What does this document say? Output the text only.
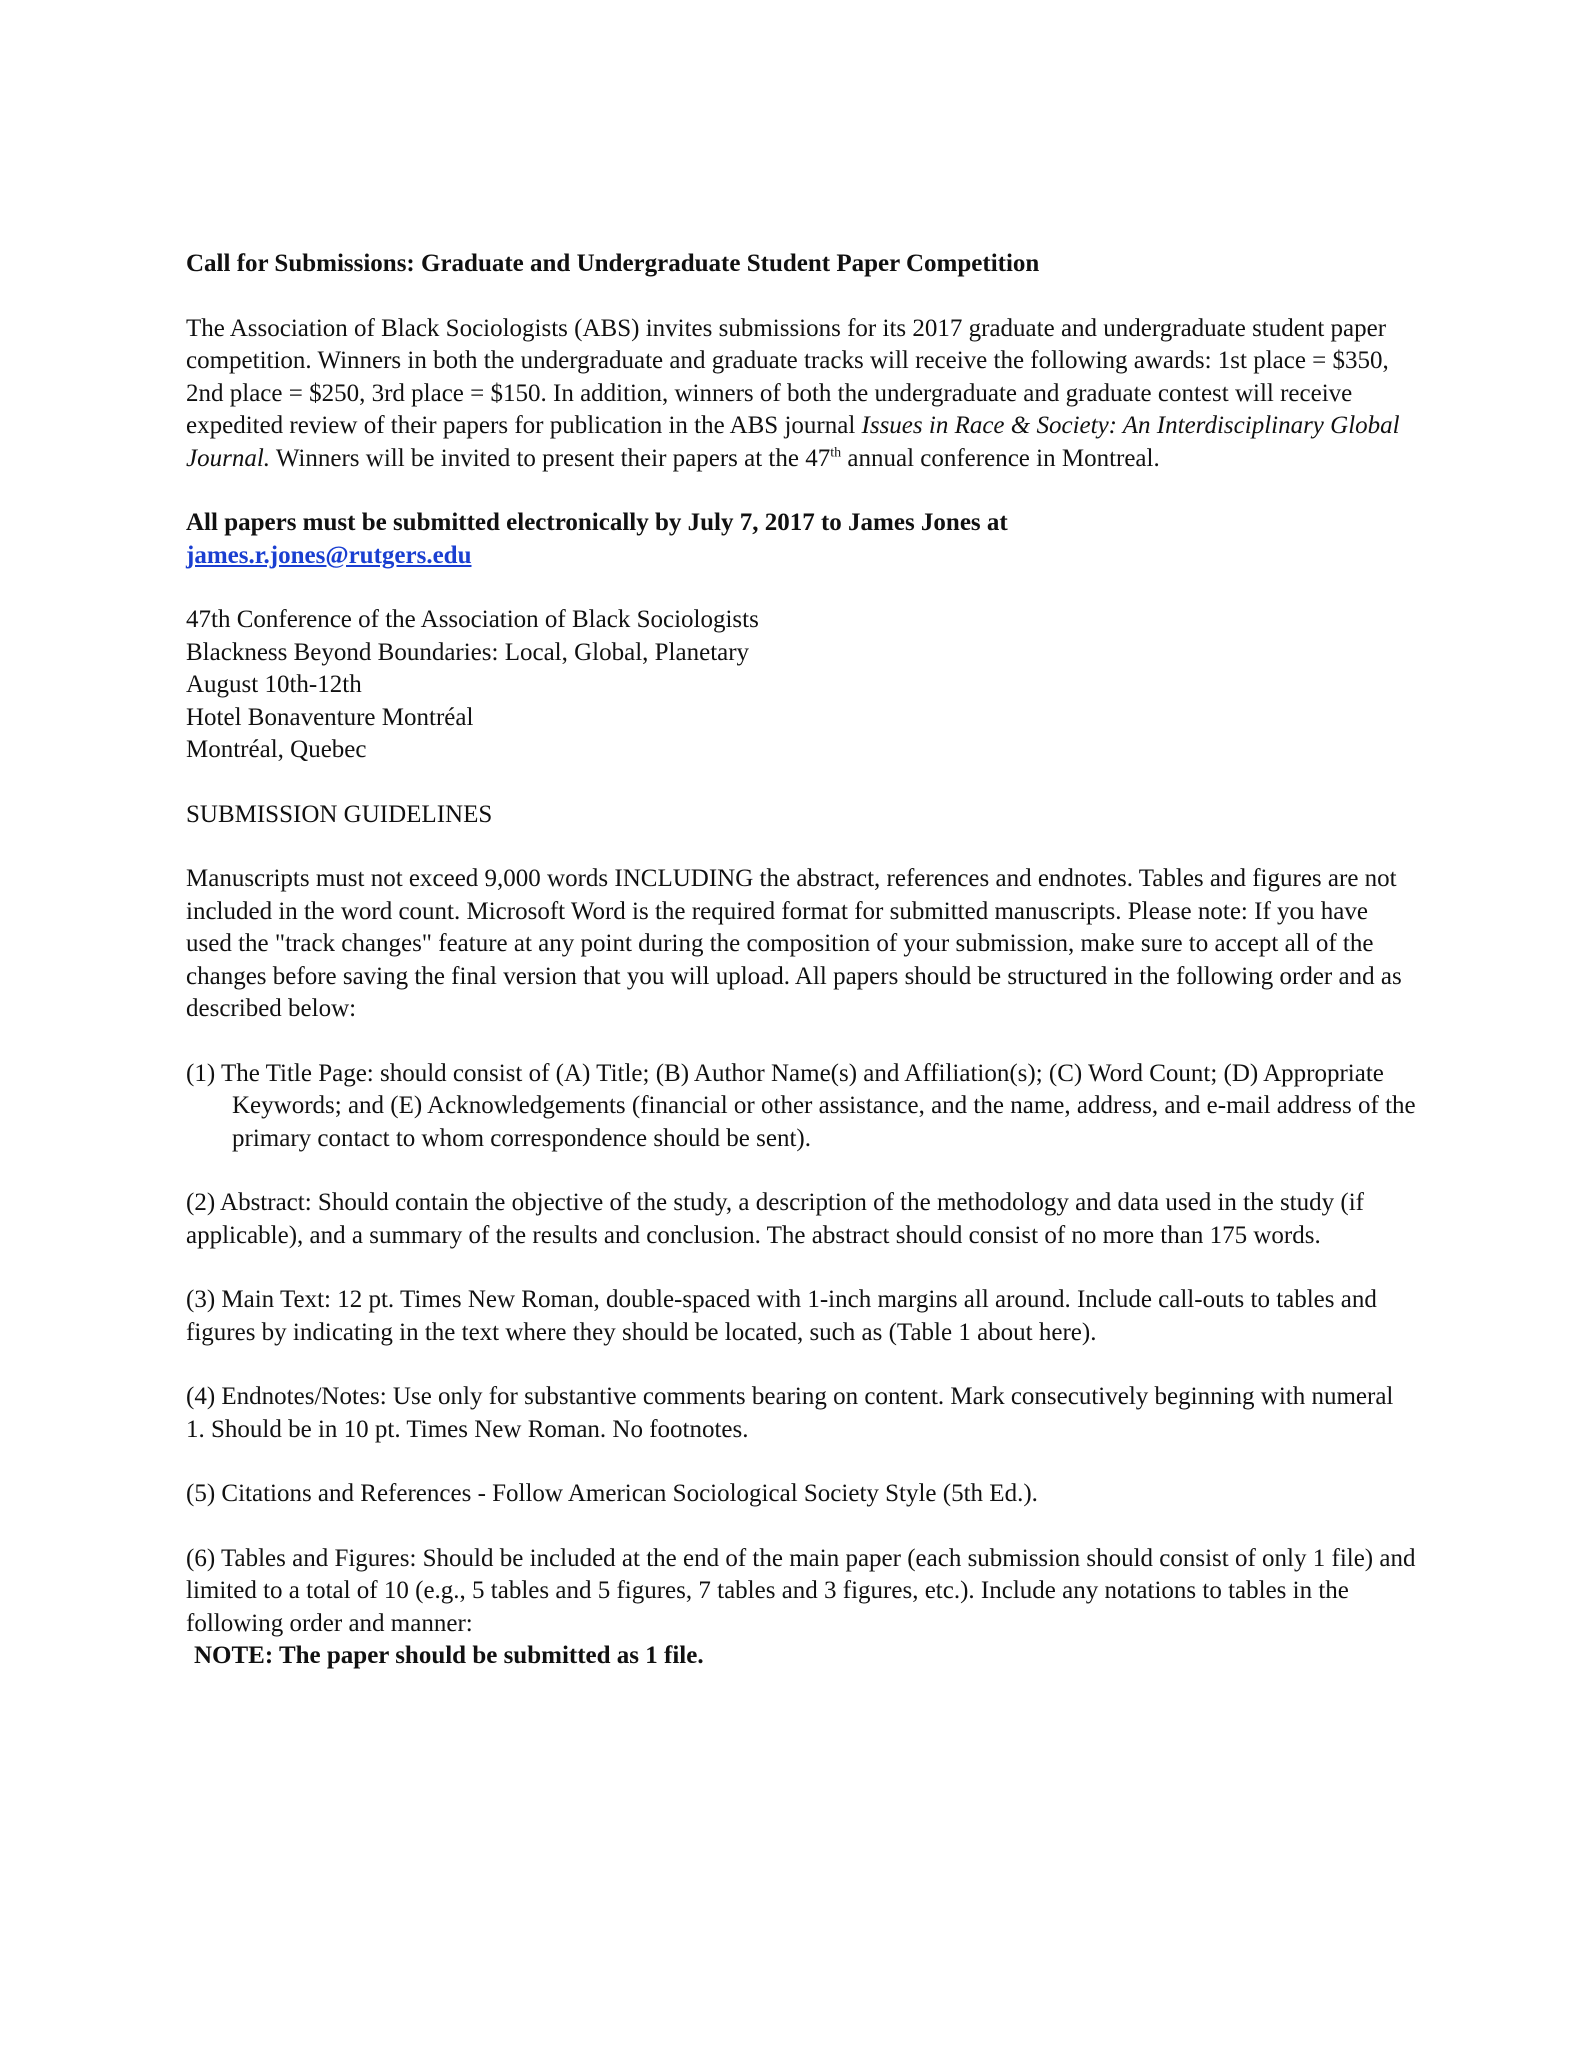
Call for Submissions: Graduate and Undergraduate Student Paper Competition

The Association of Black Sociologists (ABS) invites submissions for its 2017 graduate and undergraduate student paper competition. Winners in both the undergraduate and graduate tracks will receive the following awards: 1st place = $350, 2nd place = $250, 3rd place = $150. In addition, winners of both the undergraduate and graduate contest will receive expedited review of their papers for publication in the ABS journal Issues in Race & Society: An Interdisciplinary Global Journal. Winners will be invited to present their papers at the 47th annual conference in Montreal.

All papers must be submitted electronically by July 7, 2017 to James Jones at
james.r.jones@rutgers.edu

47th Conference of the Association of Black Sociologists
Blackness Beyond Boundaries: Local, Global, Planetary
August 10th-12th
Hotel Bonaventure Montréal
Montréal, Quebec

SUBMISSION GUIDELINES

Manuscripts must not exceed 9,000 words INCLUDING the abstract, references and endnotes. Tables and figures are not included in the word count. Microsoft Word is the required format for submitted manuscripts. Please note: If you have used the "track changes" feature at any point during the composition of your submission, make sure to accept all of the changes before saving the final version that you will upload. All papers should be structured in the following order and as described below:

(1) The Title Page: should consist of (A) Title; (B) Author Name(s) and Affiliation(s); (C) Word Count; (D) Appropriate Keywords; and (E) Acknowledgements (financial or other assistance, and the name, address, and e-mail address of the primary contact to whom correspondence should be sent).

(2) Abstract: Should contain the objective of the study, a description of the methodology and data used in the study (if applicable), and a summary of the results and conclusion. The abstract should consist of no more than 175 words.

(3) Main Text: 12 pt. Times New Roman, double-spaced with 1-inch margins all around. Include call-outs to tables and figures by indicating in the text where they should be located, such as (Table 1 about here).

(4) Endnotes/Notes: Use only for substantive comments bearing on content. Mark consecutively beginning with numeral 1. Should be in 10 pt. Times New Roman. No footnotes.

(5) Citations and References - Follow American Sociological Society Style (5th Ed.).

(6) Tables and Figures: Should be included at the end of the main paper (each submission should consist of only 1 file) and limited to a total of 10 (e.g., 5 tables and 5 figures, 7 tables and 3 figures, etc.). Include any notations to tables in the following order and manner:

NOTE: The paper should be submitted as 1 file.
